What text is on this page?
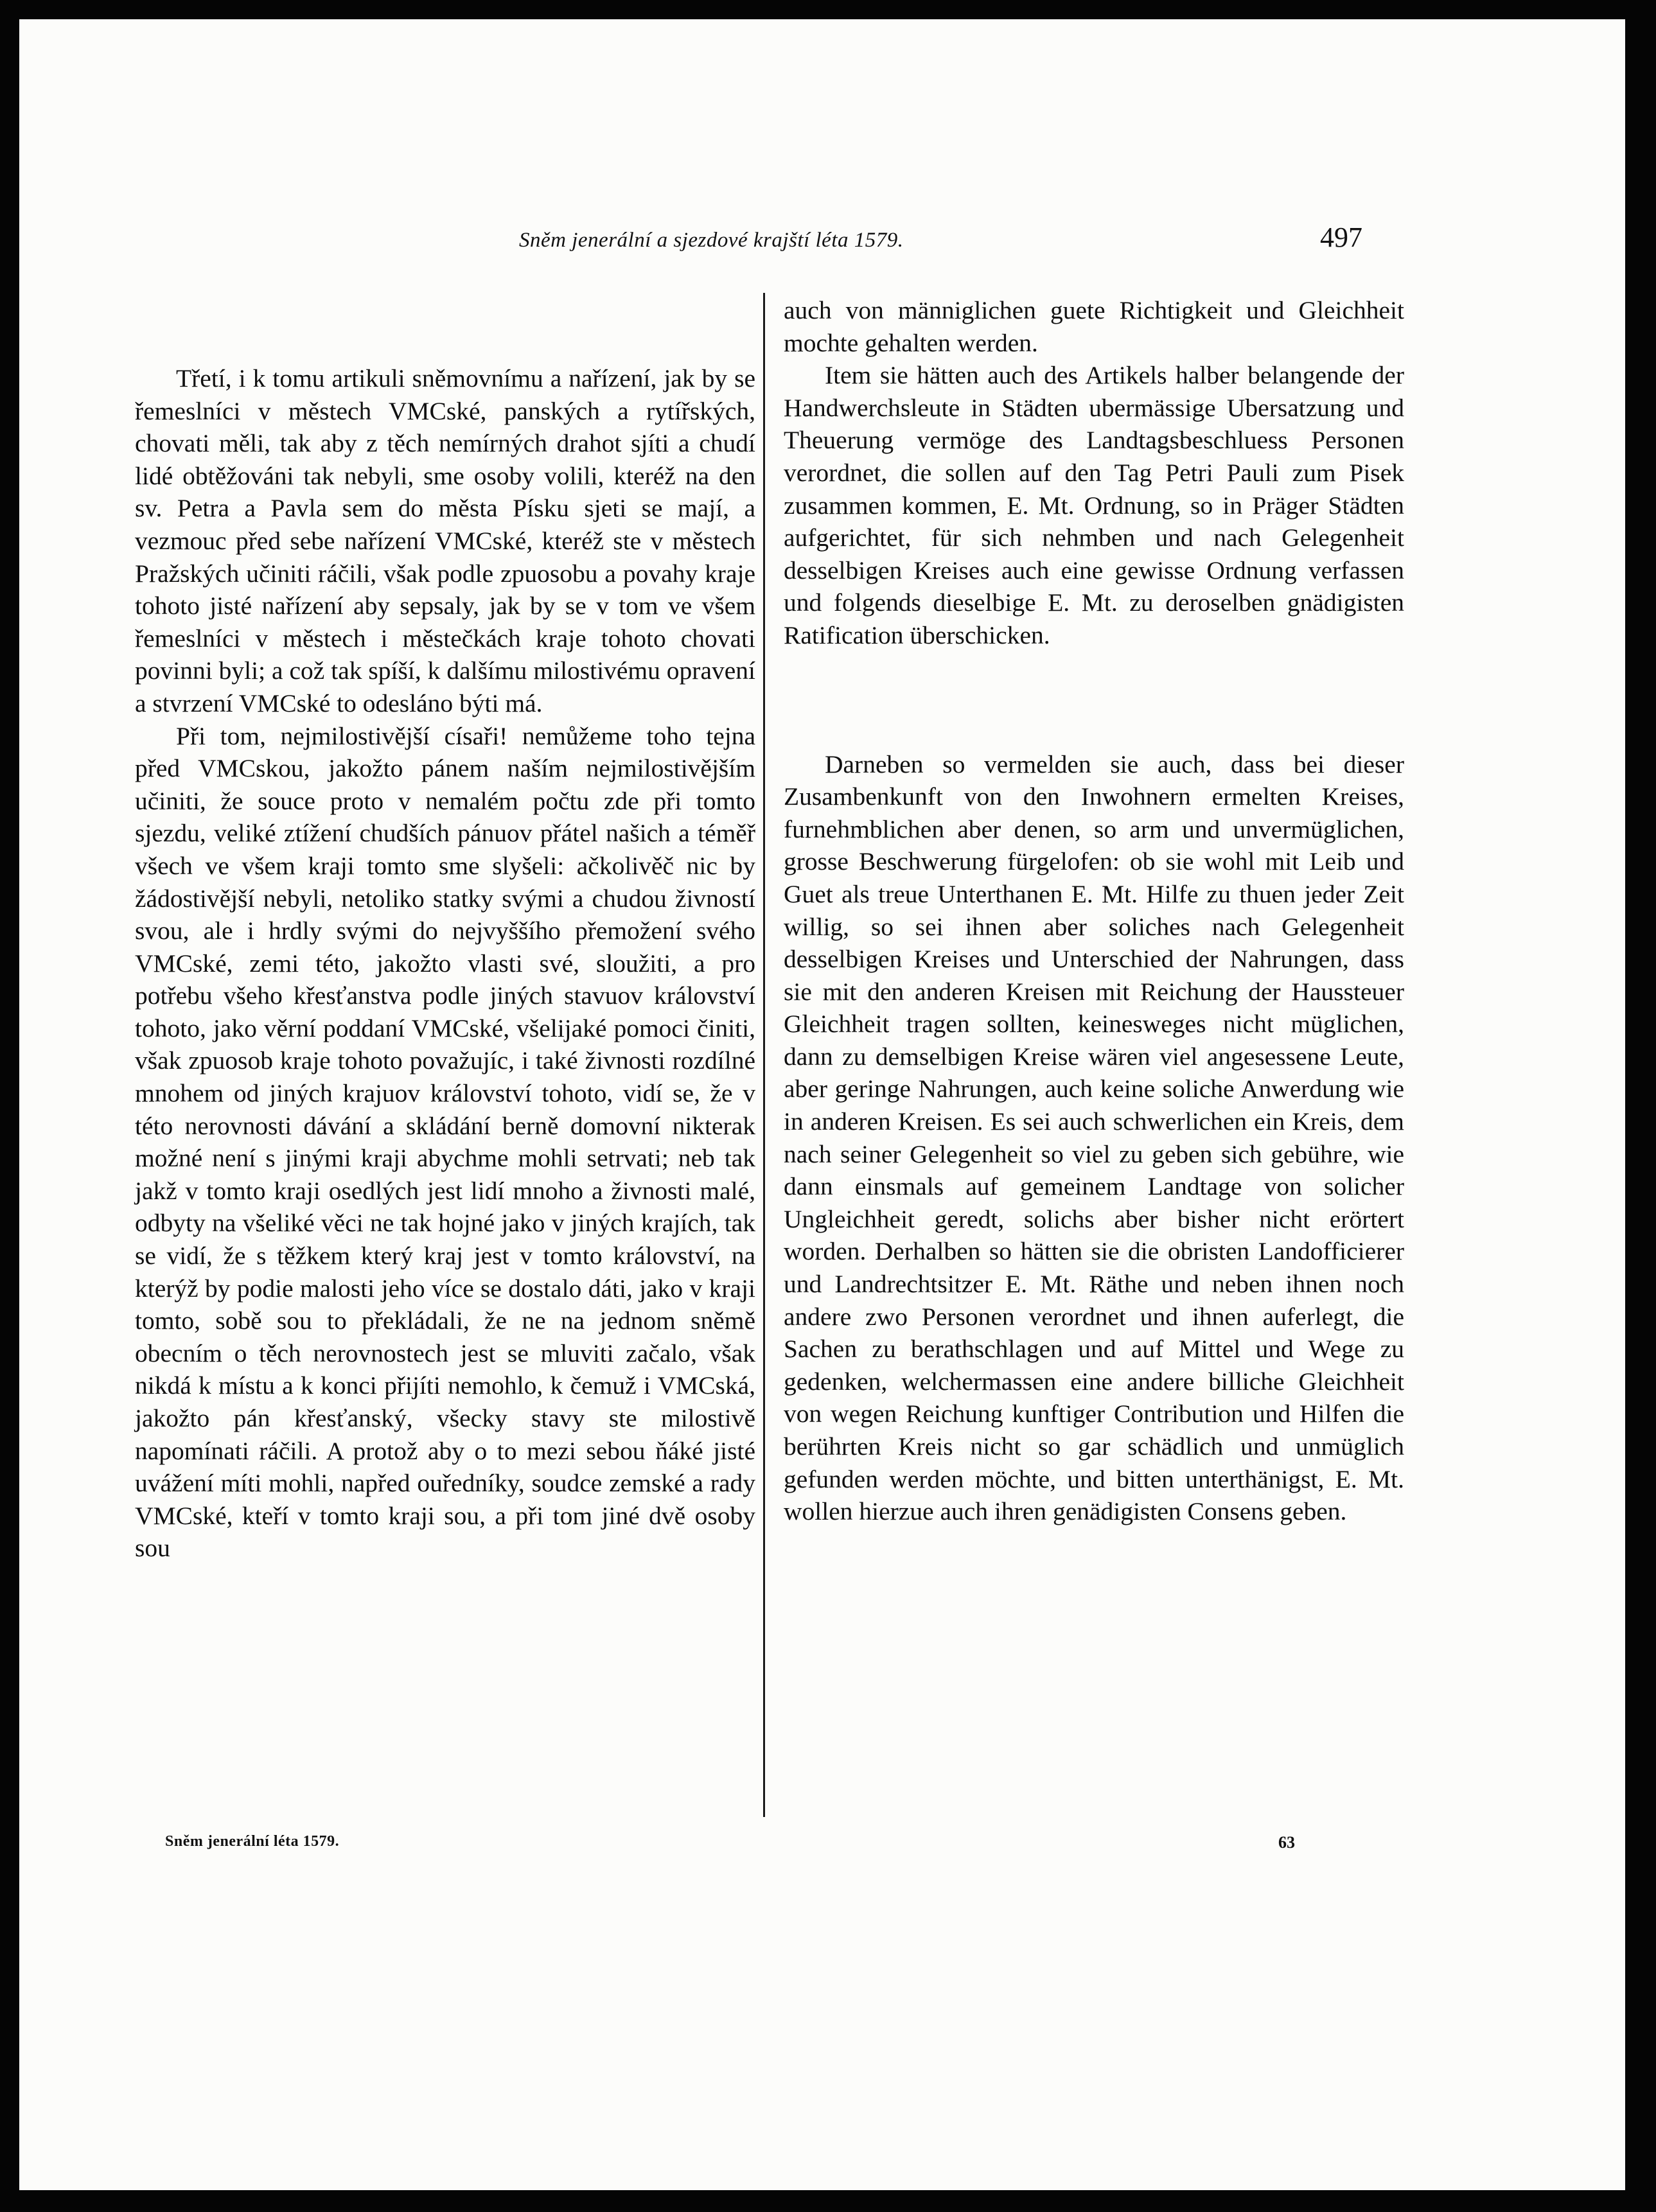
Sněm jenerální a sjezdové krajští léta 1579.	497

Třetí, i k tomu artikuli sněmovnímu a nařízení, jak by se řemeslníci v městech VMCské, panských a rytířských, chovati měli, tak aby z těch nemírných drahot sjíti a chudí lidé obtěžováni tak nebyli, sme osoby volili, kteréž na den sv. Petra a Pavla sem do města Písku sjeti se mají, a vezmouc před sebe nařízení VMCské, kteréž ste v městech Pražských učiniti ráčili, však podle zpuosobu a povahy kraje tohoto jisté nařízení aby sepsaly, jak by se v tom ve všem řemeslníci v městech i městečkách kraje tohoto chovati povinni byli; a což tak spíší, k dalšímu milostivému opravení a stvrzení VMCské to odesláno býti má.

Při tom, nejmilostivější císaři! nemůžeme toho tejna před VMCskou, jakožto pánem naším nejmilostivějším učiniti, že souce proto v nemalém počtu zde při tomto sjezdu, veliké ztížení chudších pánuov přátel našich a téměř všech ve všem kraji tomto sme slyšeli: ačkolivěč nic by žádostivější nebyli, netoliko statky svými a chudou živností svou, ale i hrdly svými do nejvyššího přemožení svého VMCské, zemi této, jakožto vlasti své, sloužiti, a pro potřebu všeho křesťanstva podle jiných stavuov království tohoto, jako věrní poddaní VMCské, všelijaké pomoci činiti, však zpuosob kraje tohoto považujíc, i také živnosti rozdílné mnohem od jiných krajuov království tohoto, vidí se, že v této nerovnosti dávání a skládání berně domovní nikterak možné není s jinými kraji abychme mohli setrvati; neb tak jakž v tomto kraji osedlých jest lidí mnoho a živnosti malé, odbyty na všeliké věci ne tak hojné jako v jiných krajích, tak se vidí, že s těžkem který kraj jest v tomto království, na kterýž by podie malosti jeho více se dostalo dáti, jako v kraji tomto, sobě sou to překládali, že ne na jednom sněmě obecním o těch nerovnostech jest se mluviti začalo, však nikdá k místu a k konci přijíti nemohlo, k čemuž i VMCská, jakožto pán křesťanský, všecky stavy ste milostivě napomínati ráčili. A protož aby o to mezi sebou ňáké jisté uvážení míti mohli, napřed ouředníky, soudce zemské a rady VMCské, kteří v tomto kraji sou, a při tom jiné dvě osoby sou

auch von männiglichen guete Richtigkeit und Gleichheit mochte gehalten werden.

Item sie hätten auch des Artikels halber belangende der Handwerchsleute in Städten ubermässige Ubersatzung und Theuerung vermöge des Landtagsbeschluess Personen verordnet, die sollen auf den Tag Petri Pauli zum Pisek zusammen kommen, E. Mt. Ordnung, so in Präger Städten aufgerichtet, für sich nehmben und nach Gelegenheit desselbigen Kreises auch eine gewisse Ordnung verfassen und folgends dieselbige E. Mt. zu deroselben gnädigisten Ratification überschicken.

Darneben so vermelden sie auch, dass bei dieser Zusambenkunft von den Inwohnern ermelten Kreises, furnehmblichen aber denen, so arm und unvermüglichen, grosse Beschwerung fürgelofen: ob sie wohl mit Leib und Guet als treue Unterthanen E. Mt. Hilfe zu thuen jeder Zeit willig, so sei ihnen aber soliches nach Gelegenheit desselbigen Kreises und Unterschied der Nahrungen, dass sie mit den anderen Kreisen mit Reichung der Haussteuer Gleichheit tragen sollten, keinesweges nicht müglichen, dann zu demselbigen Kreise wären viel angesessene Leute, aber geringe Nahrungen, auch keine soliche Anwerdung wie in anderen Kreisen. Es sei auch schwerlichen ein Kreis, dem nach seiner Gelegenheit so viel zu geben sich gebühre, wie dann einsmals auf gemeinem Landtage von solicher Ungleichheit geredt, solichs aber bisher nicht erörtert worden. Derhalben so hätten sie die obristen Landofficierer und Landrechtsitzer E. Mt. Räthe und neben ihnen noch andere zwo Personen verordnet und ihnen auferlegt, die Sachen zu berathschlagen und auf Mittel und Wege zu gedenken, welchermassen eine andere billiche Gleichheit von wegen Reichung kunftiger Contribution und Hilfen die berührten Kreis nicht so gar schädlich und unmüglich gefunden werden möchte, und bitten unterthänigst, E. Mt. wollen hierzue auch ihren genädigisten Consens geben.

Sněm jenerální léta 1579.	63
